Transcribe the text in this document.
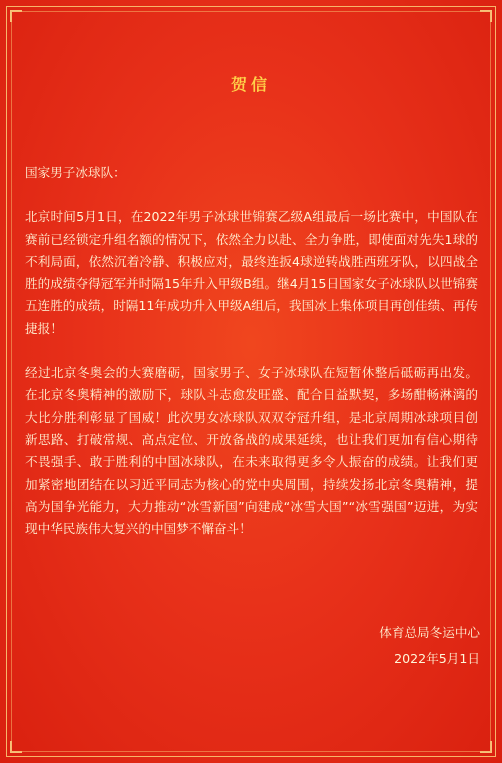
贺信

国家男子冰球队：

北京时间5月1日，在2022年男子冰球世锦赛乙级A组最后一场比赛中，中国队在赛前已经锁定升组名额的情况下，依然全力以赴、全力争胜，即使面对先失1球的不利局面，依然沉着冷静、积极应对，最终连扳4球逆转战胜西班牙队，以四战全胜的成绩夺得冠军并时隔15年升入甲级B组。继4月15日国家女子冰球队以世锦赛五连胜的成绩，时隔11年成功升入甲级A组后，我国冰上集体项目再创佳绩、再传捷报！

经过北京冬奥会的大赛磨砺，国家男子、女子冰球队在短暂休整后砥砺再出发。在北京冬奥精神的激励下，球队斗志愈发旺盛、配合日益默契，多场酣畅淋漓的大比分胜利彰显了国威！此次男女冰球队双双夺冠升组，是北京周期冰球项目创新思路、打破常规、高点定位、开放备战的成果延续，也让我们更加有信心期待不畏强手、敢于胜利的中国冰球队，在未来取得更多令人振奋的成绩。让我们更加紧密地团结在以习近平同志为核心的党中央周围，持续发扬北京冬奥精神，提高为国争光能力，大力推动“冰雪新国”向建成“冰雪大国”“冰雪强国”迈进，为实现中华民族伟大复兴的中国梦不懈奋斗！

体育总局冬运中心
2022年5月1日
